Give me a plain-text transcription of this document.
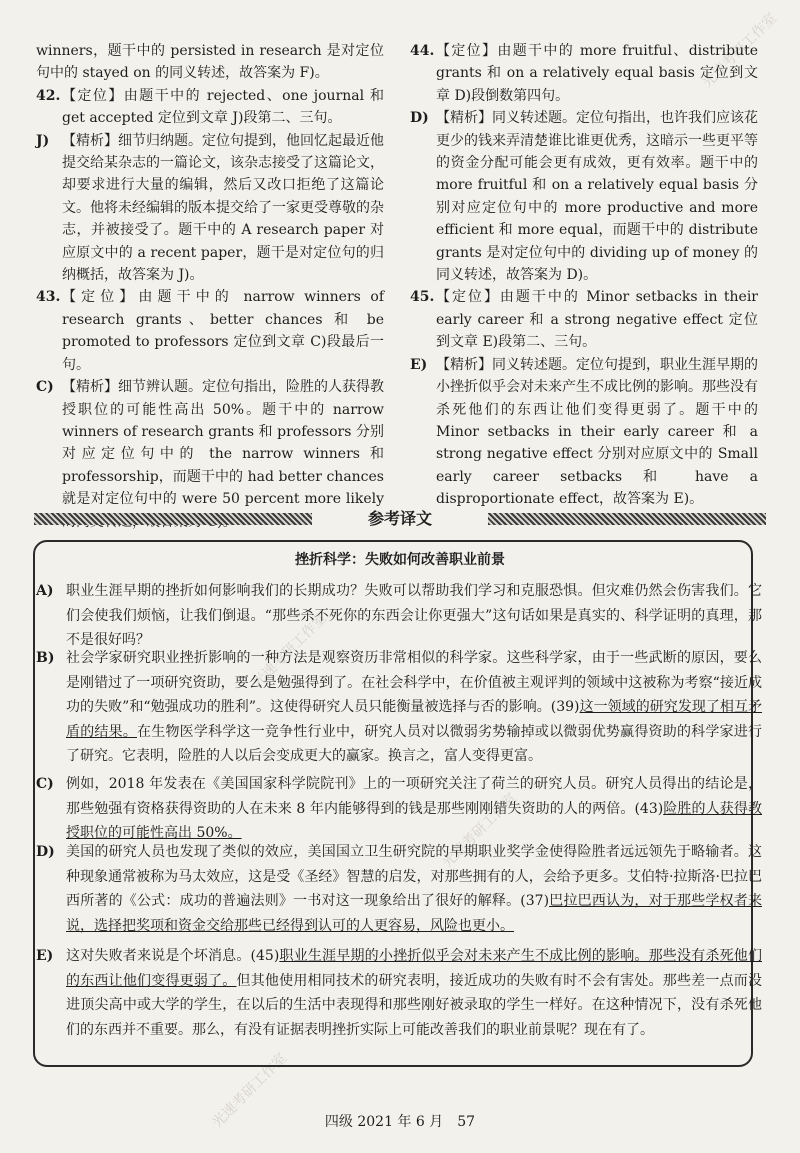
光速考研工作室
光速考研工作室
光速考研工作室
光速考研工作室

winners，题干中的 persisted in research 是对定位句中的 stayed on 的同义转述，故答案为 F)。

42. 【定位】由题干中的 rejected、one journal 和 get accepted 定位到文章 J)段第二、三句。
J) 【精析】细节归纳题。定位句提到，他回忆起最近他提交给某杂志的一篇论文，该杂志接受了这篇论文，却要求进行大量的编辑，然后又改口拒绝了这篇论文。他将未经编辑的版本提交给了一家更受尊敬的杂志，并被接受了。题干中的 A research paper 对应原文中的 a recent paper，题干是对定位句的归纳概括，故答案为 J)。
43. 【定位】由题干中的 narrow winners of research grants、better chances 和 be promoted to professors 定位到文章 C)段最后一句。
C) 【精析】细节辨认题。定位句指出，险胜的人获得教授职位的可能性高出 50%。题干中的 narrow winners of research grants 和 professors 分别对应定位句中的 the narrow winners 和 professorship，而题干中的 had better chances 就是对定位句中的 were 50 percent more likely
44. 【定位】由题干中的 more fruitful、distribute grants 和 on a relatively equal basis 定位到文章 D)段倒数第四句。
D) 【精析】同义转述题。定位句指出，也许我们应该花更少的钱来弄清楚谁比谁更优秀，这暗示一些更平等的资金分配可能会更有成效，更有效率。题干中的 more fruitful 和 on a relatively equal basis 分别对应定位句中的 more productive and more efficient 和 more equal，而题干中的 distribute grants 是对定位句中的 dividing up of money 的同义转述，故答案为 D)。
45. 【定位】由题干中的 Minor setbacks in their early career 和 a strong negative effect 定位到文章 E)段第二、三句。
E) 【精析】同义转述题。定位句提到，职业生涯早期的小挫折似乎会对未来产生不成比例的影响。那些没有杀死他们的东西让他们变得更弱了。题干中的 Minor setbacks in their early career 和 a strong negative effect 分别对应原文中的 Small early career setbacks 和 have a disproportionate effect，故答案为 E)。
参考译文
挫折科学：失败如何改善职业前景
A) 职业生涯早期的挫折如何影响我们的长期成功？失败可以帮助我们学习和克服恐惧。但灾难仍然会伤害我们。它们会使我们烦恼，让我们倒退。“那些杀不死你的东西会让你更强大”这句话如果是真实的、科学证明的真理，那不是很好吗？
B) 社会学家研究职业挫折影响的一种方法是观察资历非常相似的科学家。这些科学家，由于一些武断的原因，要么是刚错过了一项研究资助，要么是勉强得到了。在社会科学中，在价值被主观评判的领域中这被称为考察“接近成功的失败”和“勉强成功的胜利”。这使得研究人员只能衡量被选择与否的影响。(39)这一领域的研究发现了相互矛盾的结果。在生物医学科学这一竞争性行业中，研究人员对以微弱劣势输掉或以微弱优势赢得资助的科学家进行了研究。它表明，险胜的人以后会变成更大的赢家。换言之，富人变得更富。
C) 例如，2018 年发表在《美国国家科学院院刊》上的一项研究关注了荷兰的研究人员。研究人员得出的结论是，那些勉强有资格获得资助的人在未来 8 年内能够得到的钱是那些刚刚错失资助的人的两倍。(43)险胜的人获得教授职位的可能性高出 50%。
D) 美国的研究人员也发现了类似的效应，美国国立卫生研究院的早期职业奖学金使得险胜者远远领先于略输者。这种现象通常被称为马太效应，这是受《圣经》智慧的启发，对那些拥有的人，会给予更多。艾伯特·拉斯洛·巴拉巴西所著的《公式：成功的普遍法则》一书对这一现象给出了很好的解释。(37)巴拉巴西认为，对于那些学权者来说，选择把奖项和资金交给那些已经得到认可的人更容易，风险也更小。
E) 这对失败者来说是个坏消息。(45)职业生涯早期的小挫折似乎会对未来产生不成比例的影响。那些没有杀死他们的东西让他们变得更弱了。但其他使用相同技术的研究表明，接近成功的失败有时不会有害处。那些差一点而没进顶尖高中或大学的学生，在以后的生活中表现得和那些刚好被录取的学生一样好。在这种情况下，没有杀死他们的东西并不重要。那么，有没有证据表明挫折实际上可能改善我们的职业前景呢？现在有了。
四级 2021 年 6 月　57
